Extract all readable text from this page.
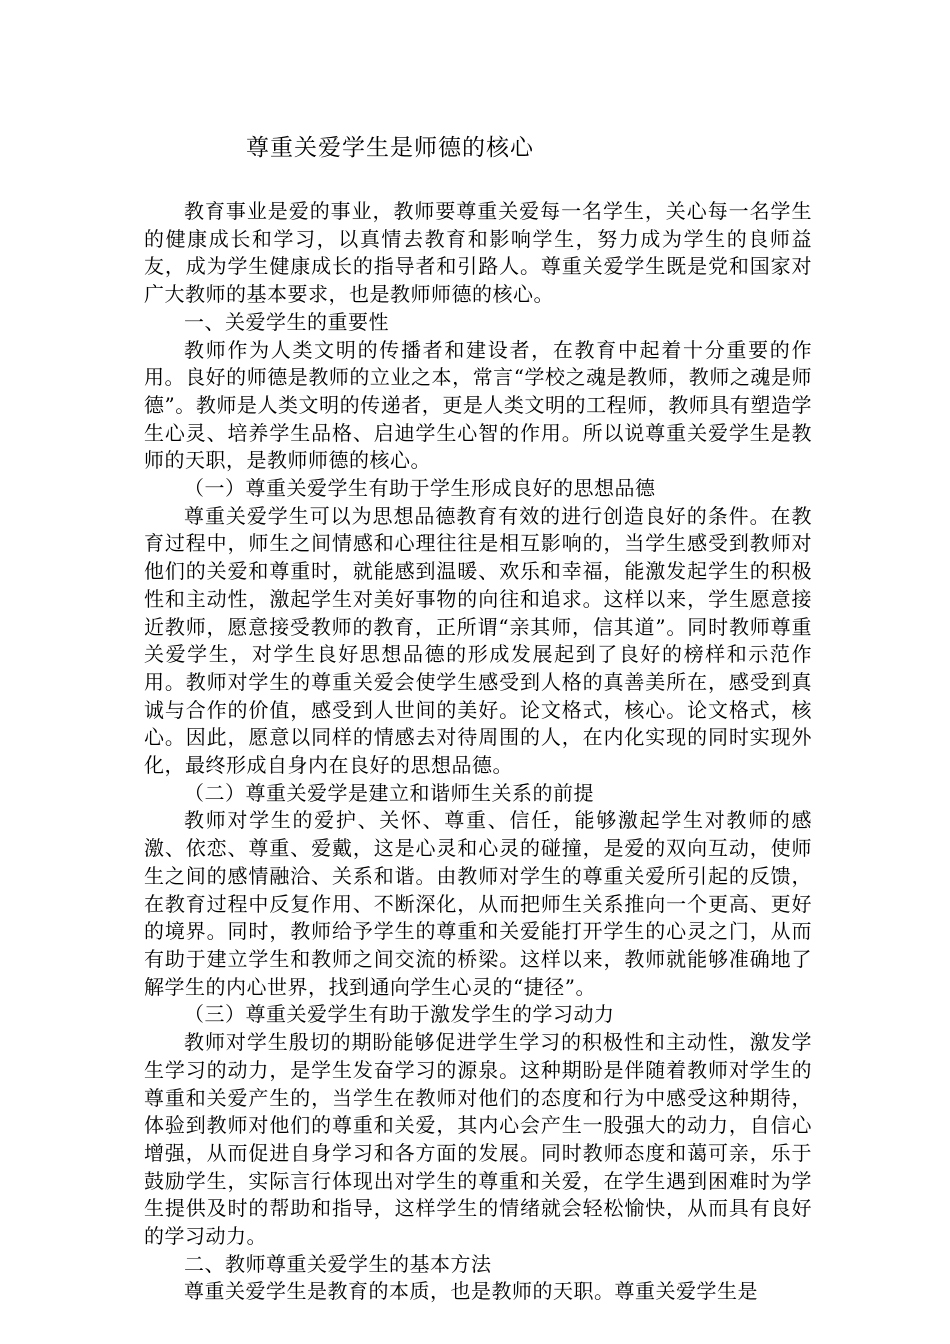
尊重关爱学生是师德的核心

教育事业是爱的事业，教师要尊重关爱每一名学生，关心每一名学生的健康成长和学习，以真情去教育和影响学生，努力成为学生的良师益友，成为学生健康成长的指导者和引路人。尊重关爱学生既是党和国家对广大教师的基本要求，也是教师师德的核心。

一、关爱学生的重要性

教师作为人类文明的传播者和建设者，在教育中起着十分重要的作用。良好的师德是教师的立业之本，常言“学校之魂是教师，教师之魂是师德”。教师是人类文明的传递者，更是人类文明的工程师，教师具有塑造学生心灵、培养学生品格、启迪学生心智的作用。所以说尊重关爱学生是教师的天职，是教师师德的核心。

（一）尊重关爱学生有助于学生形成良好的思想品德

尊重关爱学生可以为思想品德教育有效的进行创造良好的条件。在教育过程中，师生之间情感和心理往往是相互影响的，当学生感受到教师对他们的关爱和尊重时，就能感到温暖、欢乐和幸福，能激发起学生的积极性和主动性，激起学生对美好事物的向往和追求。这样以来，学生愿意接近教师，愿意接受教师的教育，正所谓“亲其师，信其道”。同时教师尊重关爱学生，对学生良好思想品德的形成发展起到了良好的榜样和示范作用。教师对学生的尊重关爱会使学生感受到人格的真善美所在，感受到真诚与合作的价值，感受到人世间的美好。论文格式，核心。论文格式，核心。因此，愿意以同样的情感去对待周围的人，在内化实现的同时实现外化，最终形成自身内在良好的思想品德。

（二）尊重关爱学是建立和谐师生关系的前提

教师对学生的爱护、关怀、尊重、信任，能够激起学生对教师的感激、依恋、尊重、爱戴，这是心灵和心灵的碰撞，是爱的双向互动，使师生之间的感情融洽、关系和谐。由教师对学生的尊重关爱所引起的反馈，在教育过程中反复作用、不断深化，从而把师生关系推向一个更高、更好的境界。同时，教师给予学生的尊重和关爱能打开学生的心灵之门，从而有助于建立学生和教师之间交流的桥梁。这样以来，教师就能够准确地了解学生的内心世界，找到通向学生心灵的“捷径”。

（三）尊重关爱学生有助于激发学生的学习动力

教师对学生殷切的期盼能够促进学生学习的积极性和主动性，激发学生学习的动力，是学生发奋学习的源泉。这种期盼是伴随着教师对学生的尊重和关爱产生的，当学生在教师对他们的态度和行为中感受这种期待，体验到教师对他们的尊重和关爱，其内心会产生一股强大的动力，自信心增强，从而促进自身学习和各方面的发展。同时教师态度和蔼可亲，乐于鼓励学生，实际言行体现出对学生的尊重和关爱，在学生遇到困难时为学生提供及时的帮助和指导，这样学生的情绪就会轻松愉快，从而具有良好的学习动力。

二、教师尊重关爱学生的基本方法

尊重关爱学生是教育的本质，也是教师的天职。尊重关爱学生是
